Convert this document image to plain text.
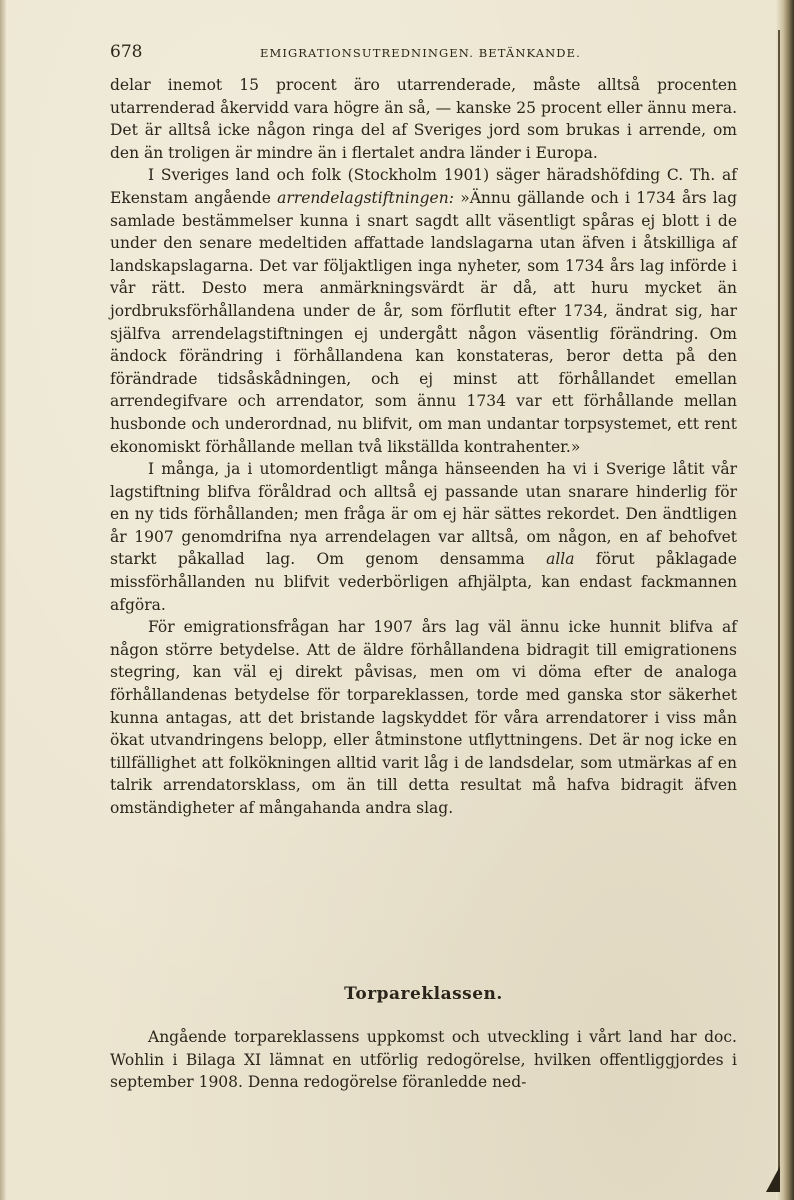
678	EMIGRATIONSUTREDNINGEN. BETÄNKANDE.

delar inemot 15 procent äro utarrenderade, måste alltså procenten utarrenderad åkervidd vara högre än så, — kanske 25 procent eller ännu mera. Det är alltså icke någon ringa del af Sveriges jord som brukas i arrende, om den än troligen är mindre än i flertalet andra länder i Europa.

I Sveriges land och folk (Stockholm 1901) säger häradshöfding C. Th. af Ekenstam angående arrendelagstiftningen: »Ännu gällande och i 1734 års lag samlade bestämmelser kunna i snart sagdt allt väsentligt spåras ej blott i de under den senare medeltiden affattade landslagarna utan äfven i åtskilliga af landskapslagarna. Det var följaktligen inga nyheter, som 1734 års lag införde i vår rätt. Desto mera anmärkningsvärdt är då, att huru mycket än jordbruksförhållandena under de år, som förflutit efter 1734, ändrat sig, har själfva arrendelagstiftningen ej undergått någon väsentlig förändring. Om ändock förändring i förhållandena kan konstateras, beror detta på den förändrade tidsåskådningen, och ej minst att förhållandet emellan arrendegifvare och arrendator, som ännu 1734 var ett förhållande mellan husbonde och underordnad, nu blifvit, om man undantar torpsystemet, ett rent ekonomiskt förhållande mellan två likställda kontrahenter.»

I många, ja i utomordentligt många hänseenden ha vi i Sverige låtit vår lagstiftning blifva föråldrad och alltså ej passande utan snarare hinderlig för en ny tids förhållanden; men fråga är om ej här sättes rekordet. Den ändtligen år 1907 genomdrifna nya arrendelagen var alltså, om någon, en af behofvet starkt påkallad lag. Om genom densamma alla förut påklagade missförhållanden nu blifvit vederbörligen afhjälpta, kan endast fackmannen afgöra.

För emigrationsfrågan har 1907 års lag väl ännu icke hunnit blifva af någon större betydelse. Att de äldre förhållandena bidragit till emigrationens stegring, kan väl ej direkt påvisas, men om vi döma efter de analoga förhållandenas betydelse för torpareklassen, torde med ganska stor säkerhet kunna antagas, att det bristande lagskyddet för våra arrendatorer i viss mån ökat utvandringens belopp, eller åtminstone utflyttningens. Det är nog icke en tillfällighet att folkökningen alltid varit låg i de landsdelar, som utmärkas af en talrik arrendatorsklass, om än till detta resultat må hafva bidragit äfven omständigheter af mångahanda andra slag.

Torpareklassen.

Angående torpareklassens uppkomst och utveckling i vårt land har doc. Wohlin i Bilaga XI lämnat en utförlig redogörelse, hvilken offentliggjordes i september 1908. Denna redogörelse föranledde ned-
